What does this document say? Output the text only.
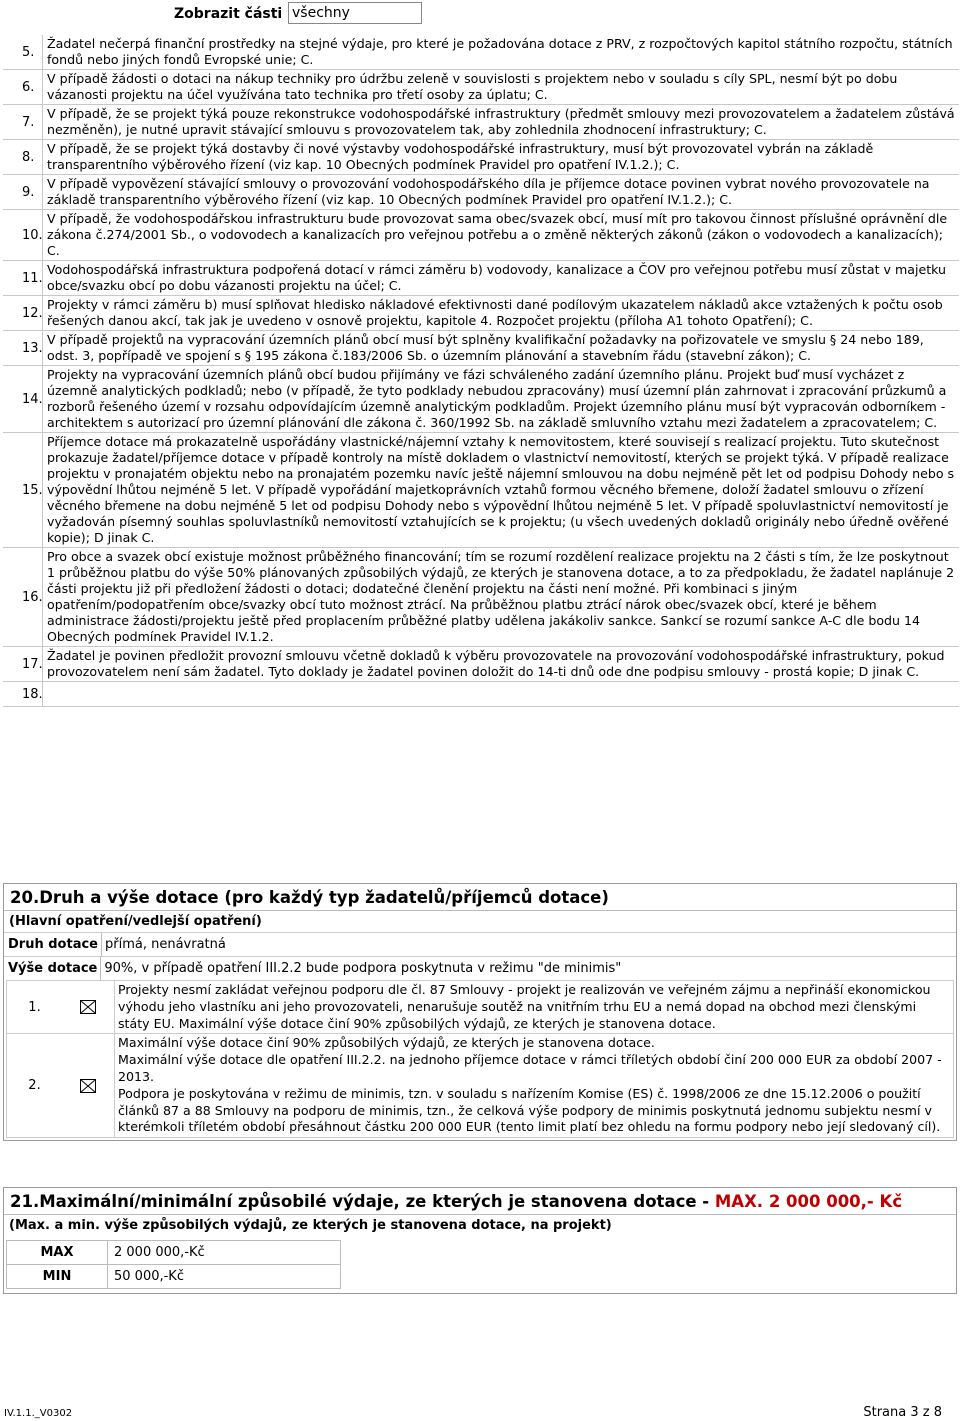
Zobrazit části všechny
5.
Žadatel nečerpá finanční prostředky na stejné výdaje, pro které je požadována dotace z PRV, z rozpočtových kapitol státního rozpočtu, státních fondů nebo jiných fondů Evropské unie; C.
6.
V případě žádosti o dotaci na nákup techniky pro údržbu zeleně v souvislosti s projektem nebo v souladu s cíly SPL, nesmí být po dobu vázanosti projektu na účel využívána tato technika pro třetí osoby za úplatu; C.
7.
V případě, že se projekt týká pouze rekonstrukce vodohospodářské infrastruktury (předmět smlouvy mezi provozovatelem a žadatelem zůstává nezměněn), je nutné upravit stávající smlouvu s provozovatelem tak, aby zohlednila zhodnocení infrastruktury; C.
8.
V případě, že se projekt týká dostavby či nové výstavby vodohospodářské infrastruktury, musí být provozovatel vybrán na základě transparentního výběrového řízení (viz kap. 10 Obecných podmínek Pravidel pro opatření IV.1.2.); C.
9.
V případě vypovězení stávající smlouvy o provozování vodohospodářského díla je příjemce dotace povinen vybrat nového provozovatele na základě transparentního výběrového řízení (viz kap. 10 Obecných podmínek Pravidel pro opatření IV.1.2.); C.
10.
V případě, že vodohospodářskou infrastrukturu bude provozovat sama obec/svazek obcí, musí mít pro takovou činnost příslušné oprávnění dle zákona č.274/2001 Sb., o vodovodech a kanalizacích pro veřejnou potřebu a o změně některých zákonů (zákon o vodovodech a kanalizacích); C.
11.
Vodohospodářská infrastruktura podpořená dotací v rámci záměru b) vodovody, kanalizace a ČOV pro veřejnou potřebu musí zůstat v majetku obce/svazku obcí po dobu vázanosti projektu na účel; C.
12.
Projekty v rámci záměru b) musí splňovat hledisko nákladové efektivnosti dané podílovým ukazatelem nákladů akce vztažených k počtu osob řešených danou akcí, tak jak je uvedeno v osnově projektu, kapitole 4. Rozpočet projektu (příloha A1 tohoto Opatření); C.
13.
V případě projektů na vypracování územních plánů obcí musí být splněny kvalifikační požadavky na pořizovatele ve smyslu § 24 nebo 189, odst. 3, popřípadě ve spojení s § 195 zákona č.183/2006 Sb. o územním plánování a stavebním řádu (stavební zákon); C.
14.
Projekty na vypracování územních plánů obcí budou přijímány ve fázi schváleného zadání územního plánu. Projekt buď musí vycházet z územně analytických podkladů; nebo (v případě, že tyto podklady nebudou zpracovány) musí územní plán zahrnovat i zpracování průzkumů a rozborů řešeného území v rozsahu odpovídajícím územně analytickým podkladům. Projekt územního plánu musí být vypracován odborníkem - architektem s autorizací pro územní plánování dle zákona č. 360/1992 Sb. na základě smluvního vztahu mezi žadatelem a zpracovatelem; C.
15.
Příjemce dotace má prokazatelně uspořádány vlastnické/nájemní vztahy k nemovitostem, které souvisejí s realizací projektu. Tuto skutečnost prokazuje žadatel/příjemce dotace v případě kontroly na místě dokladem o vlastnictví nemovitostí, kterých se projekt týká. V případě realizace projektu v pronajatém objektu nebo na pronajatém pozemku navíc ještě nájemní smlouvou na dobu nejméně pět let od podpisu Dohody nebo s výpovědní lhůtou nejméně 5 let. V případě vypořádání majetkoprávních vztahů formou věcného břemene, doloží žadatel smlouvu o zřízení věcného břemene na dobu nejméně 5 let od podpisu Dohody nebo s výpovědní lhůtou nejméně 5 let. V případě spoluvlastnictví nemovitostí je vyžadován písemný souhlas spoluvlastníků nemovitostí vztahujících se k projektu; (u všech uvedených dokladů originály nebo úředně ověřené kopie); D jinak C.
16.
Pro obce a svazek obcí existuje možnost průběžného financování; tím se rozumí rozdělení realizace projektu na 2 části s tím, že lze poskytnout 1 průběžnou platbu do výše 50% plánovaných způsobilých výdajů, ze kterých je stanovena dotace, a to za předpokladu, že žadatel naplánuje 2 části projektu již při předložení žádosti o dotaci; dodatečné členění projektu na části není možné. Při kombinaci s jiným opatřením/podopatřením obce/svazky obcí tuto možnost ztrácí. Na průběžnou platbu ztrácí nárok obec/svazek obcí, které je během administrace žádosti/projektu ještě před proplacením průběžné platby udělena jakákoliv sankce. Sankcí se rozumí sankce A-C dle bodu 14 Obecných podmínek Pravidel IV.1.2.
17.
Žadatel je povinen předložit provozní smlouvu včetně dokladů k výběru provozovatele na provozování vodohospodářské infrastruktury, pokud provozovatelem není sám žadatel. Tyto doklady je žadatel povinen doložit do 14-ti dnů ode dne podpisu smlouvy - prostá kopie; D jinak C.
18.
20.Druh a výše dotace (pro každý typ žadatelů/příjemců dotace)
(Hlavní opatření/vedlejší opatření)
Druh dotace přímá, nenávratná
Výše dotace 90%, v případě opatření III.2.2 bude podpora poskytnuta v režimu "de minimis"
1.
Projekty nesmí zakládat veřejnou podporu dle čl. 87 Smlouvy - projekt je realizován ve veřejném zájmu a nepřináší ekonomickou výhodu jeho vlastníku ani jeho provozovateli, nenarušuje soutěž na vnitřním trhu EU a nemá dopad na obchod mezi členskými státy EU. Maximální výše dotace činí 90% způsobilých výdajů, ze kterých je stanovena dotace.
2.
Maximální výše dotace činí 90% způsobilých výdajů, ze kterých je stanovena dotace.
Maximální výše dotace dle opatření III.2.2. na jednoho příjemce dotace v rámci tříletých období činí 200 000 EUR za období 2007 - 2013.
Podpora je poskytována v režimu de minimis, tzn. v souladu s nařízením Komise (ES) č. 1998/2006 ze dne 15.12.2006 o použití článků 87 a 88 Smlouvy na podporu de minimis, tzn., že celková výše podpory de minimis poskytnutá jednomu subjektu nesmí v kterémkoli tříletém období přesáhnout částku 200 000 EUR (tento limit platí bez ohledu na formu podpory nebo její sledovaný cíl).
21.Maximální/minimální způsobilé výdaje, ze kterých je stanovena dotace - MAX. 2 000 000,- Kč
(Max. a min. výše způsobilých výdajů, ze kterých je stanovena dotace, na projekt)
MAX	2 000 000,-Kč
MIN	50 000,-Kč
IV.1.1._V0302	Strana 3 z 8
